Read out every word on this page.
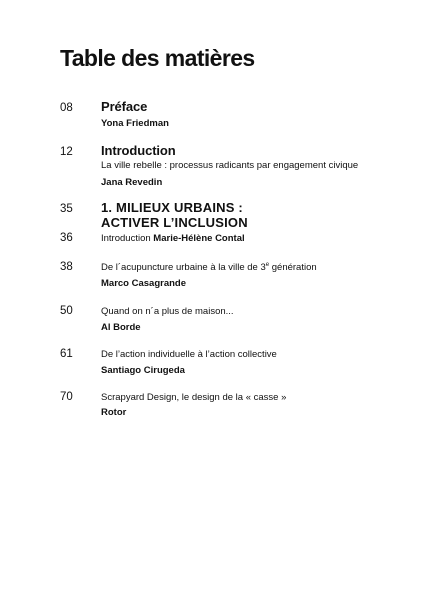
Table des matières
08 Préface
Yona Friedman
12 Introduction
La ville rebelle : processus radicants par engagement civique
Jana Revedin
35 1. MILIEUX URBAINS :
ACTIVER L’INCLUSION
36	Introduction Marie-Hélène Contal
38	De l´acupuncture urbaine à la ville de 3e génération
Marco Casagrande
50	Quand on n´a plus de maison...
Al Borde
61	De l’action individuelle à l’action collective
Santiago Cirugeda
70	Scrapyard Design, le design de la « casse »
Rotor
